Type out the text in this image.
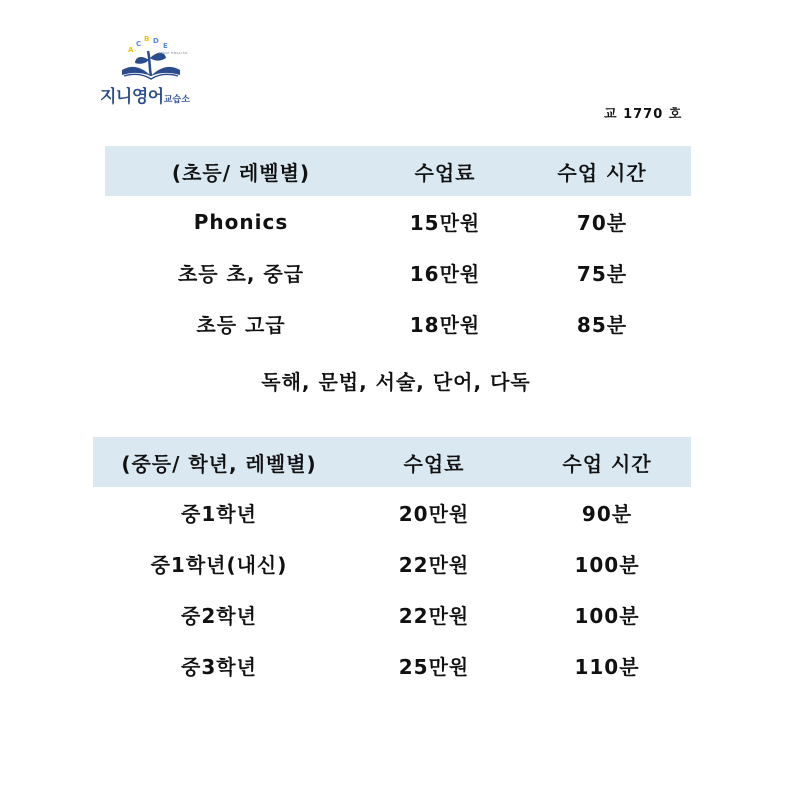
A
C
B D
E
지니영어교습소
GENIE ENGLISH
교 1770 호
(초등/ 레벨별)	수업료	수업 시간
Phonics	15만원	70분
초등 초, 중급	16만원	75분
초등 고급	18만원	85분
독해, 문법, 서술, 단어, 다독
(중등/ 학년, 레벨별)	수업료	수업 시간
중1학년	20만원	90분
중1학년(내신)	22만원	100분
중2학년	22만원	100분
중3학년	25만원	110분
